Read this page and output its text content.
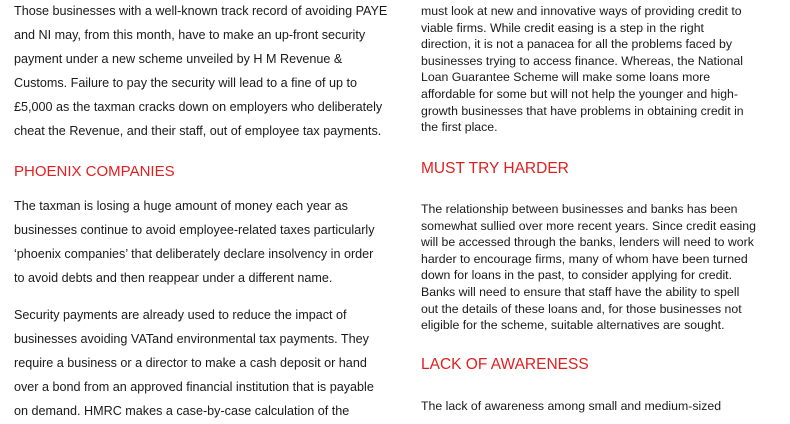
Those businesses with a well-known track record of avoiding PAYE
and NI may, from this month, have to make an up-front security
payment under a new scheme unveiled by H M Revenue &
Customs. Failure to pay the security will lead to a fine of up to
£5,000 as the taxman cracks down on employers who deliberately
cheat the Revenue, and their staff, out of employee tax payments.

PHOENIX COMPANIES

The taxman is losing a huge amount of money each year as
businesses continue to avoid employee-related taxes particularly
‘phoenix companies’ that deliberately declare insolvency in order
to avoid debts and then reappear under a different name.

Security payments are already used to reduce the impact of
businesses avoiding VATand environmental tax payments. They
require a business or a director to make a cash deposit or hand
over a bond from an approved financial institution that is payable
on demand. HMRC makes a case-by-case calculation of the

must look at new and innovative ways of providing credit to
viable firms. While credit easing is a step in the right
direction, it is not a panacea for all the problems faced by
businesses trying to access finance. Whereas, the National
Loan Guarantee Scheme will make some loans more
affordable for some but will not help the younger and high-
growth businesses that have problems in obtaining credit in
the first place.

MUST TRY HARDER

The relationship between businesses and banks has been
somewhat sullied over more recent years. Since credit easing
will be accessed through the banks, lenders will need to work
harder to encourage firms, many of whom have been turned
down for loans in the past, to consider applying for credit.
Banks will need to ensure that staff have the ability to spell
out the details of these loans and, for those businesses not
eligible for the scheme, suitable alternatives are sought.

LACK OF AWARENESS

The lack of awareness among small and medium-sized
